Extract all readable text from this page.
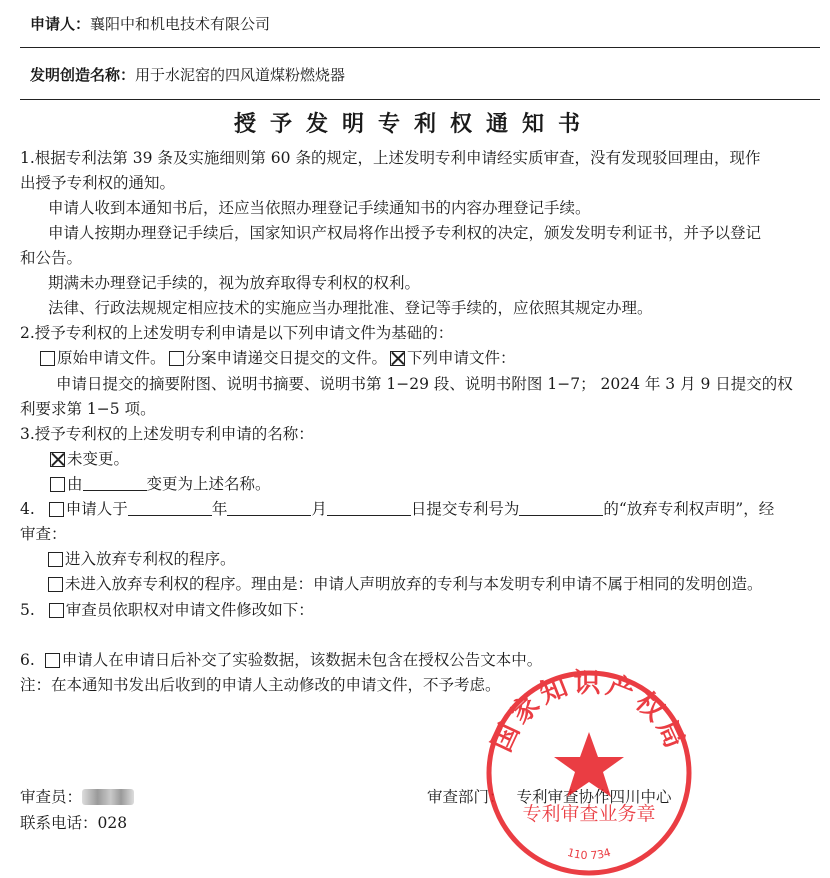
申请人：襄阳中和机电技术有限公司
发明创造名称：用于水泥窑的四风道煤粉燃烧器
授予发明专利权通知书
1.根据专利法第 39 条及实施细则第 60 条的规定，上述发明专利申请经实质审查，没有发现驳回理由，现作
出授予专利权的通知。
申请人收到本通知书后，还应当依照办理登记手续通知书的内容办理登记手续。
申请人按期办理登记手续后，国家知识产权局将作出授予专利权的决定，颁发发明专利证书，并予以登记
和公告。
期满未办理登记手续的，视为放弃取得专利权的权利。
法律、行政法规规定相应技术的实施应当办理批准、登记等手续的，应依照其规定办理。
2.授予专利权的上述发明专利申请是以下列申请文件为基础的：
原始申请文件。 分案申请递交日提交的文件。 下列申请文件：
申请日提交的摘要附图、说明书摘要、说明书第 1−29 段、说明书附图 1−7； 2024 年 3 月 9 日提交的权
利要求第 1−5 项。
3.授予专利权的上述发明专利申请的名称：
未变更。
由	变更为上述名称。
4. 申请人于	年	月	日提交专利号为	的“放弃专利权声明”，经
审查：
进入放弃专利权的程序。
未进入放弃专利权的程序。理由是：申请人声明放弃的专利与本发明专利申请不属于相同的发明创造。
5. 审查员依职权对申请文件修改如下：
6. 申请人在申请日后补交了实验数据，该数据未包含在授权公告文本中。
注：在本通知书发出后收到的申请人主动修改的申请文件，不予考虑。
审查员：
联系电话：028
审查部门： 专利审查协作四川中心
国家知识产权局
专利审查业务章
110 734
